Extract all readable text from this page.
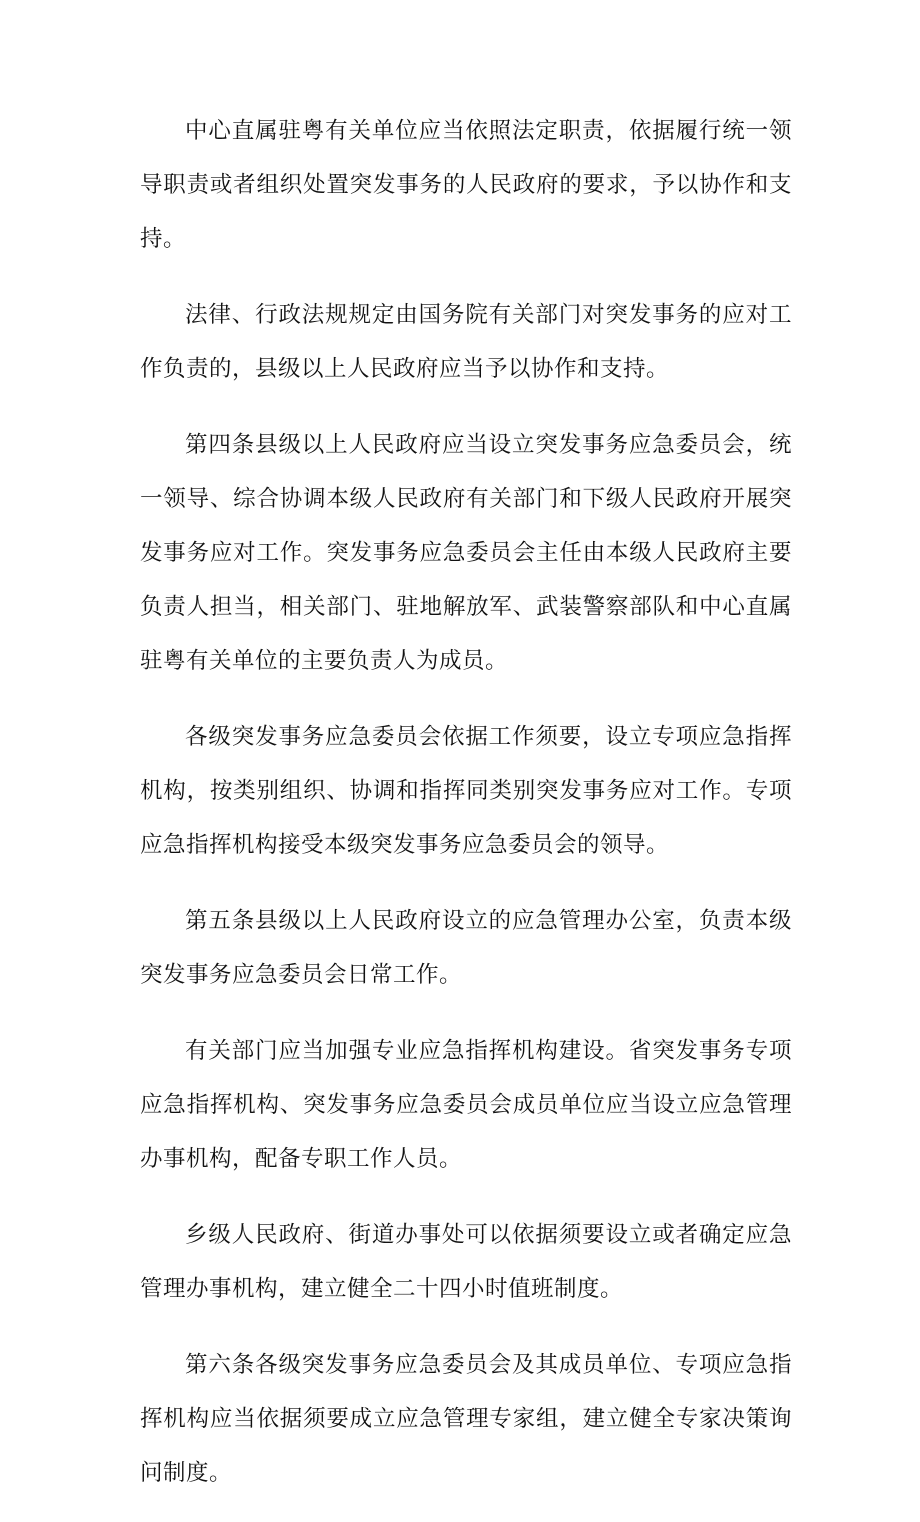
中心直属驻粤有关单位应当依照法定职责，依据履行统一领导职责或者组织处置突发事务的人民政府的要求，予以协作和支持。

法律、行政法规规定由国务院有关部门对突发事务的应对工作负责的，县级以上人民政府应当予以协作和支持。

第四条县级以上人民政府应当设立突发事务应急委员会，统一领导、综合协调本级人民政府有关部门和下级人民政府开展突发事务应对工作。突发事务应急委员会主任由本级人民政府主要负责人担当，相关部门、驻地解放军、武装警察部队和中心直属驻粤有关单位的主要负责人为成员。

各级突发事务应急委员会依据工作须要，设立专项应急指挥机构，按类别组织、协调和指挥同类别突发事务应对工作。专项应急指挥机构接受本级突发事务应急委员会的领导。

第五条县级以上人民政府设立的应急管理办公室，负责本级突发事务应急委员会日常工作。

有关部门应当加强专业应急指挥机构建设。省突发事务专项应急指挥机构、突发事务应急委员会成员单位应当设立应急管理办事机构，配备专职工作人员。

乡级人民政府、街道办事处可以依据须要设立或者确定应急管理办事机构，建立健全二十四小时值班制度。

第六条各级突发事务应急委员会及其成员单位、专项应急指挥机构应当依据须要成立应急管理专家组，建立健全专家决策询问制度。
